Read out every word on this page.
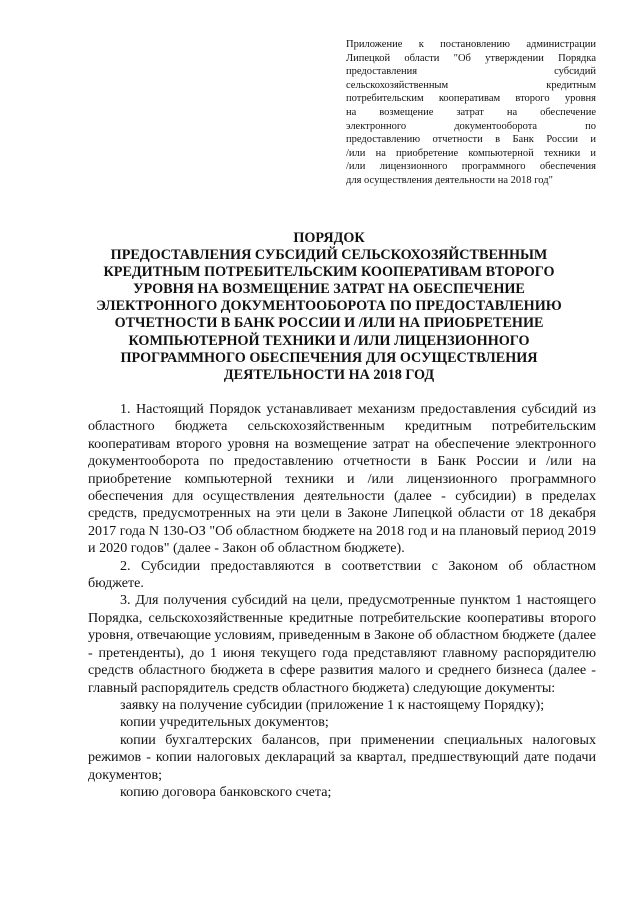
Приложение к постановлению администрации
Липецкой области "Об утверждении Порядка
предоставления субсидий
сельскохозяйственным кредитным
потребительским кооперативам второго уровня
на возмещение затрат на обеспечение
электронного документооборота по
предоставлению отчетности в Банк России и
/или на приобретение компьютерной техники и
/или лицензионного программного обеспечения
для осуществления деятельности на 2018 год"
ПОРЯДОК
ПРЕДОСТАВЛЕНИЯ СУБСИДИЙ СЕЛЬСКОХОЗЯЙСТВЕННЫМ
КРЕДИТНЫМ ПОТРЕБИТЕЛЬСКИМ КООПЕРАТИВАМ ВТОРОГО
УРОВНЯ НА ВОЗМЕЩЕНИЕ ЗАТРАТ НА ОБЕСПЕЧЕНИЕ
ЭЛЕКТРОННОГО ДОКУМЕНТООБОРОТА ПО ПРЕДОСТАВЛЕНИЮ
ОТЧЕТНОСТИ В БАНК РОССИИ И /ИЛИ НА ПРИОБРЕТЕНИЕ
КОМПЬЮТЕРНОЙ ТЕХНИКИ И /ИЛИ ЛИЦЕНЗИОННОГО
ПРОГРАММНОГО ОБЕСПЕЧЕНИЯ ДЛЯ ОСУЩЕСТВЛЕНИЯ
ДЕЯТЕЛЬНОСТИ НА 2018 ГОД
1. Настоящий Порядок устанавливает механизм предоставления субсидий из областного бюджета сельскохозяйственным кредитным потребительским кооперативам второго уровня на возмещение затрат на обеспечение электронного документооборота по предоставлению отчетности в Банк России и /или на приобретение компьютерной техники и /или лицензионного программного обеспечения для осуществления деятельности (далее - субсидии) в пределах средств, предусмотренных на эти цели в Законе Липецкой области от 18 декабря 2017 года N 130-ОЗ "Об областном бюджете на 2018 год и на плановый период 2019 и 2020 годов" (далее - Закон об областном бюджете).
2. Субсидии предоставляются в соответствии с Законом об областном бюджете.
3. Для получения субсидий на цели, предусмотренные пунктом 1 настоящего Порядка, сельскохозяйственные кредитные потребительские кооперативы второго уровня, отвечающие условиям, приведенным в Законе об областном бюджете (далее - претенденты), до 1 июня текущего года представляют главному распорядителю средств областного бюджета в сфере развития малого и среднего бизнеса (далее - главный распорядитель средств областного бюджета) следующие документы:
заявку на получение субсидии (приложение 1 к настоящему Порядку);
копии учредительных документов;
копии бухгалтерских балансов, при применении специальных налоговых режимов - копии налоговых деклараций за квартал, предшествующий дате подачи документов;
копию договора банковского счета;
